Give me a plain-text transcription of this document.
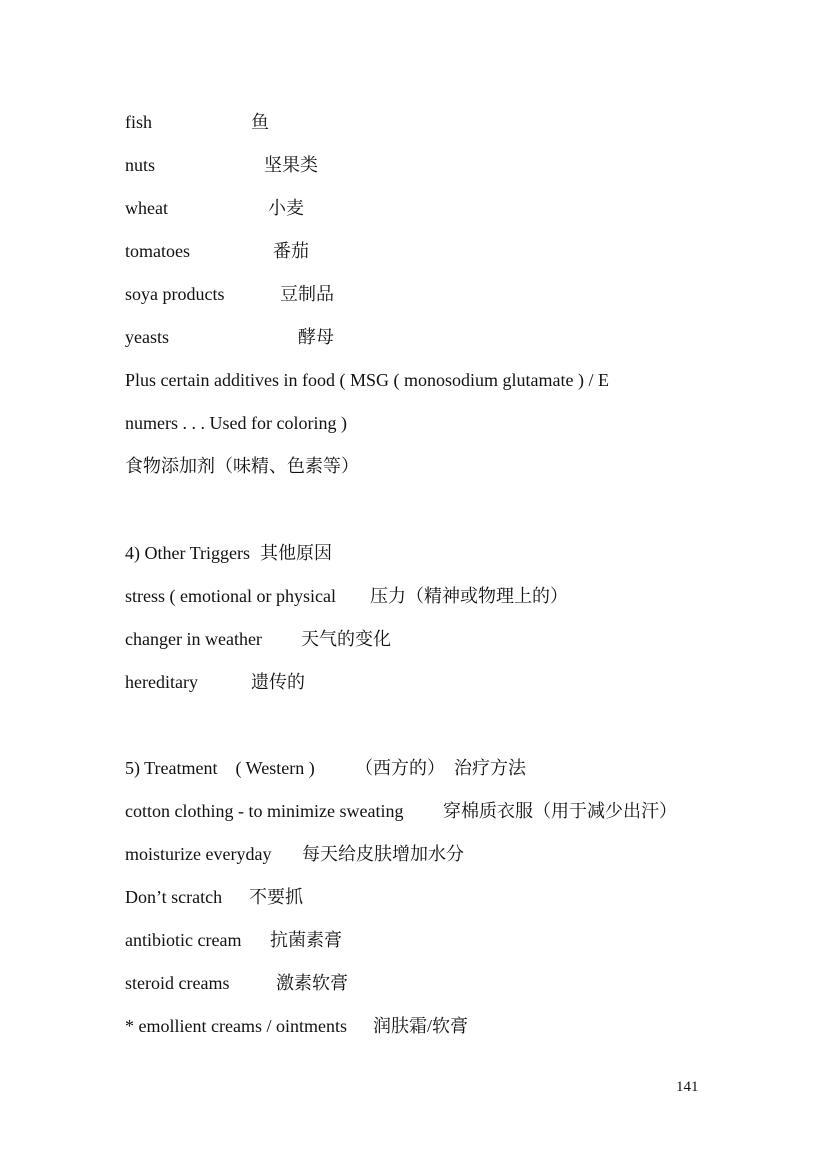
fish	鱼
nuts	坚果类
wheat	小麦
tomatoes	番茄
soya products	豆制品
yeasts	酵母
Plus certain additives in food ( MSG ( monosodium glutamate ) / E
numers . . . Used for coloring )
食物添加剂（味精、色素等）
4) Other Triggers 其他原因
stress ( emotional or physical 压力（精神或物理上的）
changer in weather 天气的变化
hereditary	遗传的
5) Treatment    ( Western ) （西方的）  治疗方法
cotton clothing - to minimize sweating 穿棉质衣服（用于减少出汗）
moisturize everyday 每天给皮肤增加水分
Don’t scratch 不要抓
antibiotic cream 抗菌素膏
steroid creams	激素软膏
* emollient creams / ointments 润肤霜/软膏
141
